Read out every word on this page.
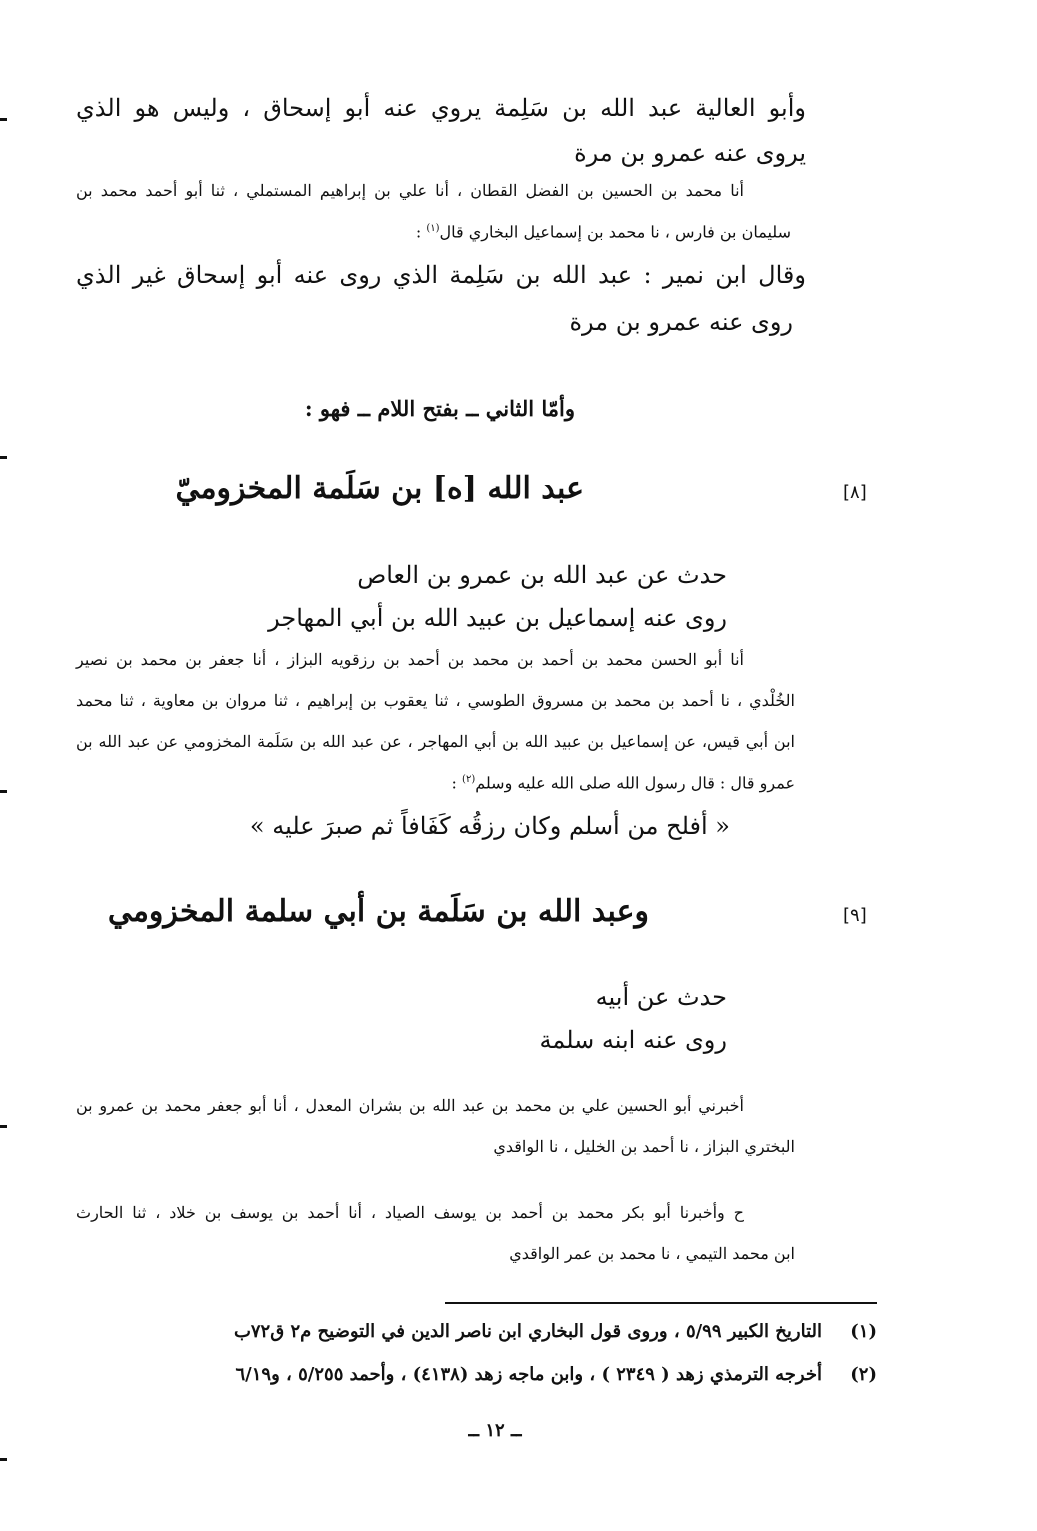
وأبو العالية عبد الله بن سَلِمة يروي عنه أبو إسحاق ، وليس هو الذي
يروى عنه عمرو بن مرة
أنا محمد بن الحسين بن الفضل القطان ، أنا علي بن إبراهيم المستملي ، ثنا أبو أحمد محمد بن
سليمان بن فارس ، نا محمد بن إسماعيل البخاري قال$^{(١)}$ :
وقال ابن نمير : عبد الله بن سَلِمة الذي روى عنه أبو إسحاق غير الذي
روى عنه عمرو بن مرة
وأمّا الثاني ــ بفتح اللام ــ فهو :
[٨]
عبد الله [ه] بن سَلَمة المخزوميّ
حدث عن عبد الله بن عمرو بن العاص
روى عنه إسماعيل بن عبيد الله بن أبي المهاجر
أنا أبو الحسن محمد بن أحمد بن محمد بن أحمد بن رزقويه البزاز ، أنا جعفر بن محمد بن نصير
الخُلْدي ، نا أحمد بن محمد بن مسروق الطوسي ، ثنا يعقوب بن إبراهيم ، ثنا مروان بن معاوية ، ثنا محمد
ابن أبي قيس، عن إسماعيل بن عبيد الله بن أبي المهاجر ، عن عبد الله بن سَلَمة المخزومي عن عبد الله بن
عمرو قال : قال رسول الله صلى الله عليه وسلم$^{(٢)}$ :
« أفلح من أسلم وكان رزقُه كَفَافاً ثم صبرَ عليه »
[٩]
وعبد الله بن سَلَمة بن أبي سلمة المخزومي
حدث عن أبيه
روى عنه ابنه سلمة
أخبرني أبو الحسين علي بن محمد بن عبد الله بن بشران المعدل ، أنا أبو جعفر محمد بن عمرو بن
البختري البزاز ، نا أحمد بن الخليل ، نا الواقدي
ح وأخبرنا أبو بكر محمد بن أحمد بن يوسف الصياد ، أنا أحمد بن يوسف بن خلاد ، ثنا الحارث
ابن محمد التيمي ، نا محمد بن عمر الواقدي
(١)
التاريخ الكبير ٥/٩٩ ، وروى قول البخاري ابن ناصر الدين في التوضيح م٢ ق٧٢ب
(٢)
أخرجه الترمذي زهد ( ٢٣٤٩ ) ، وابن ماجه زهد (٤١٣٨) ، وأحمد ٥/٢٥٥ ، و٦/١٩
ــ ١٢ ــ
